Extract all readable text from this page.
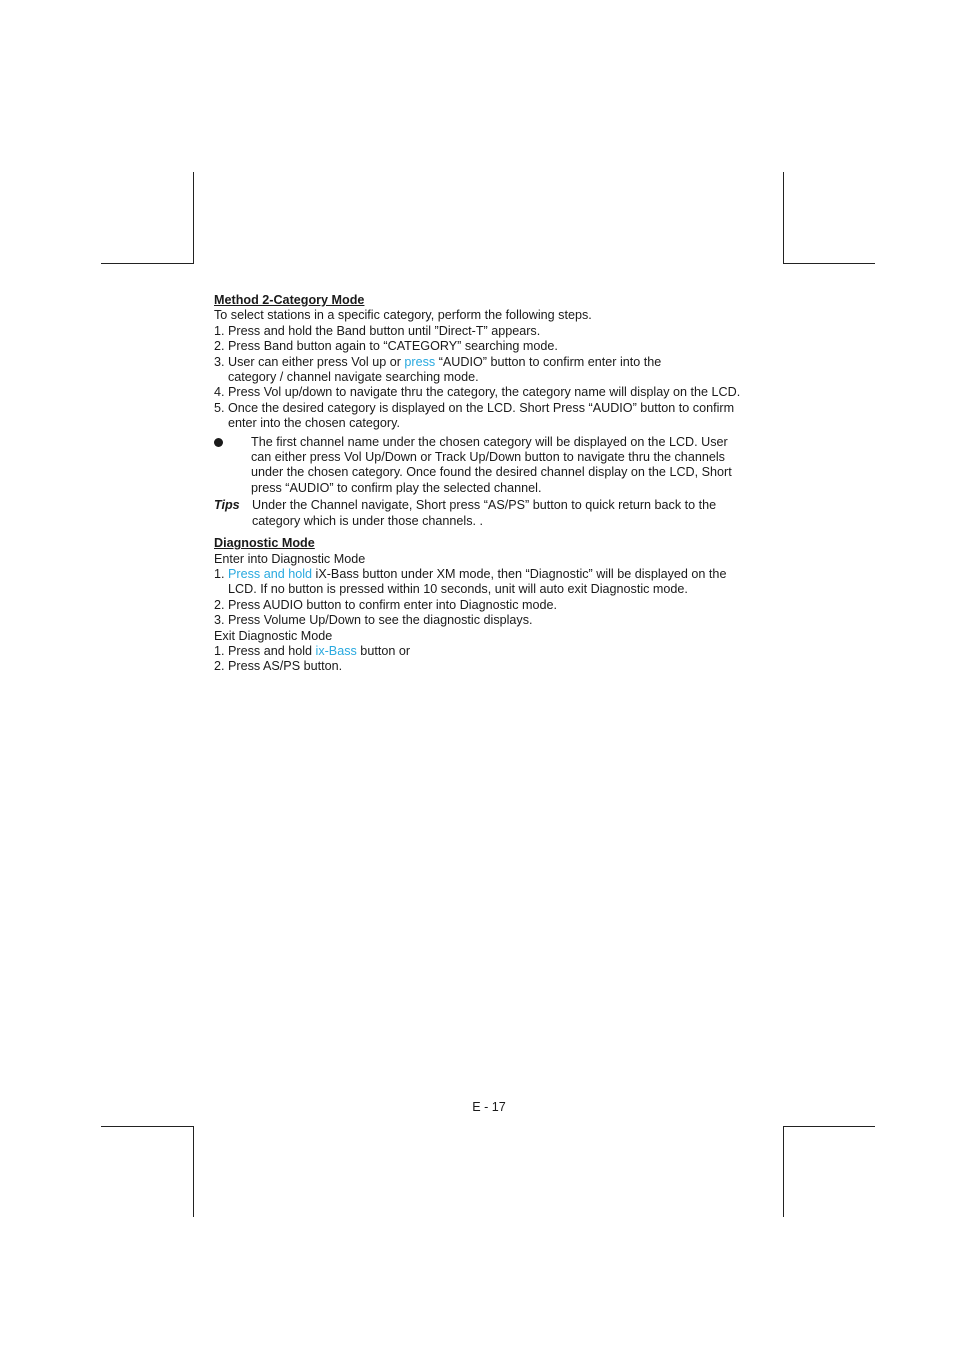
Method 2-Category Mode

To select stations in a specific category, perform the following steps.

1. Press and hold the Band button until ”Direct-T” appears.

2. Press Band button again to “CATEGORY” searching mode.

3. User can either press Vol up or press “AUDIO” button to confirm enter into the

category / channel navigate searching mode.

4. Press Vol up/down to navigate thru the category, the category name will display on the LCD.

5. Once the desired category is displayed on the LCD. Short Press “AUDIO” button to confirm

enter into the chosen category.

The first channel name under the chosen category will be displayed on the LCD. User

can either press Vol Up/Down or Track Up/Down button to navigate thru the channels

under the chosen category. Once found the desired channel display on the LCD, Short

press “AUDIO” to confirm play the selected channel.

Tips Under the Channel navigate, Short press “AS/PS” button to quick return back to the

category which is under those channels. .

Diagnostic Mode

Enter into Diagnostic Mode

1. Press and hold iX-Bass button under XM mode, then “Diagnostic” will be displayed on the

LCD. If no button is pressed within 10 seconds, unit will auto exit Diagnostic mode.

2. Press AUDIO button to confirm enter into Diagnostic mode.

3. Press Volume Up/Down to see the diagnostic displays.

Exit Diagnostic Mode

1. Press and hold ix-Bass button or

2. Press AS/PS button.

E - 17
